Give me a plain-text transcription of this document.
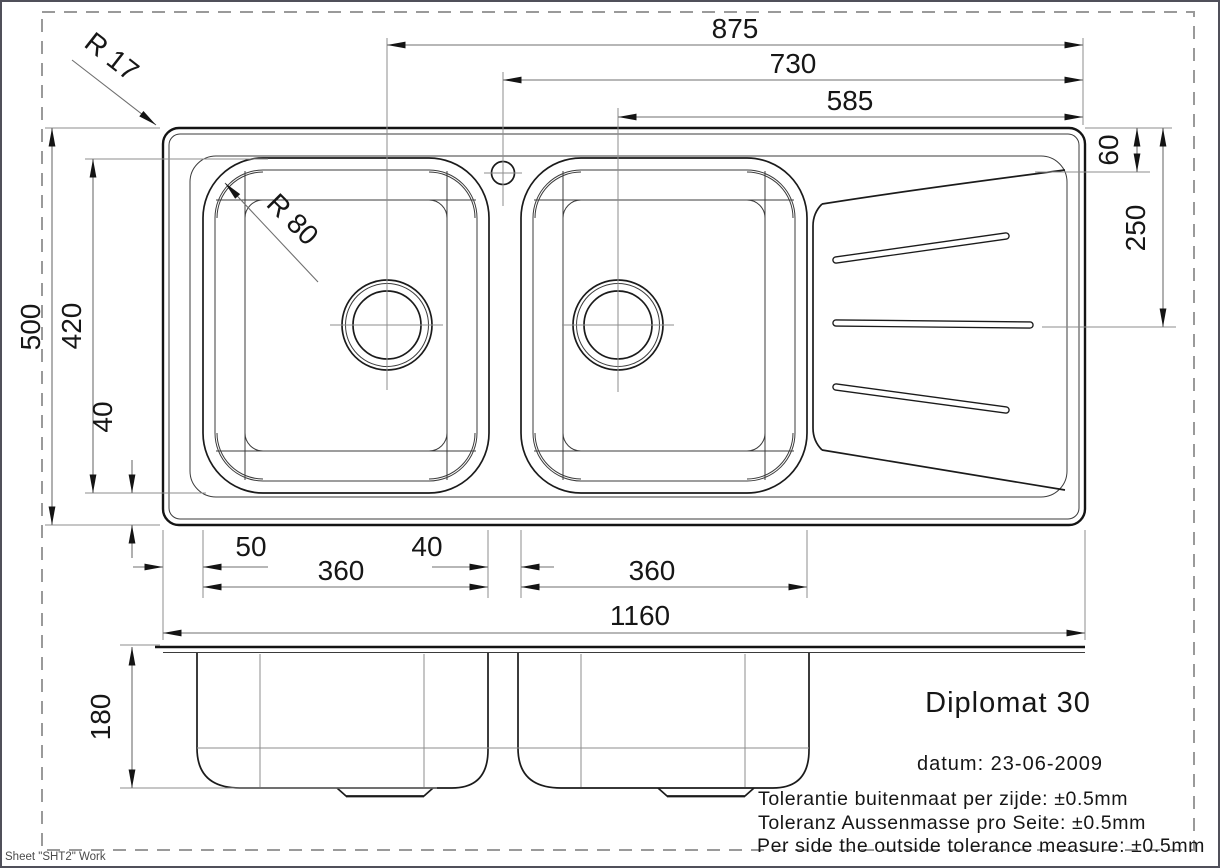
875
730
585
500 420
40
60
250
50	40
360	360
1160
180
R 17
R 80
Diplomat 30
datum: 23-06-2009
Tolerantie buitenmaat per zijde: ±0.5mm
Toleranz Aussenmasse pro Seite: ±0.5mm
Per side the outside tolerance measure: ±0.5mm
Sheet "SHT2" Work
